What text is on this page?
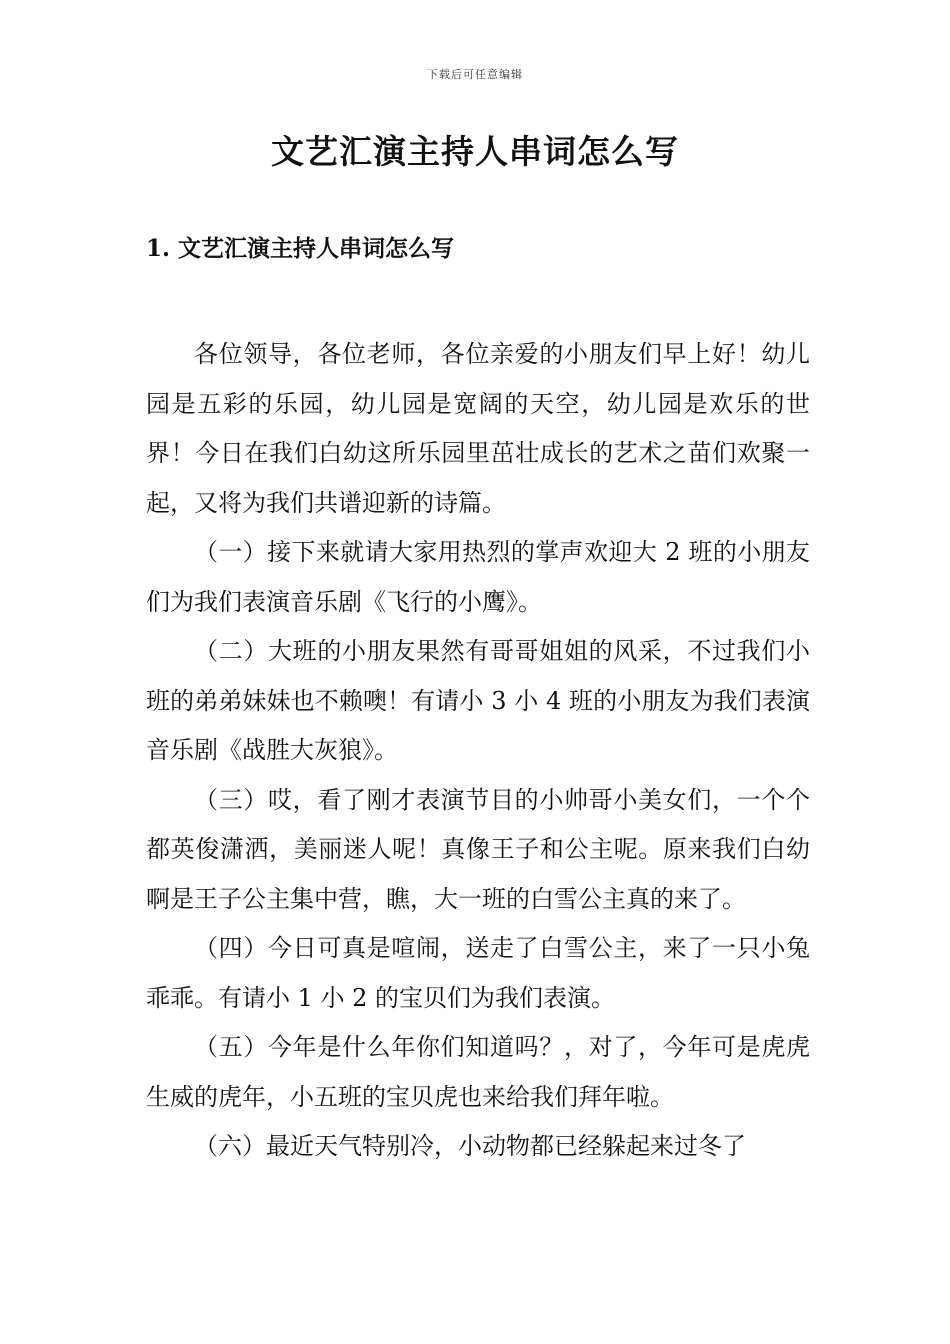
下载后可任意编辑
文艺汇演主持人串词怎么写
1. 文艺汇演主持人串词怎么写

各位领导，各位老师，各位亲爱的小朋友们早上好！幼儿园是五彩的乐园，幼儿园是宽阔的天空，幼儿园是欢乐的世界！今日在我们白幼这所乐园里茁壮成长的艺术之苗们欢聚一起，又将为我们共谱迎新的诗篇。

（一）接下来就请大家用热烈的掌声欢迎大 2 班的小朋友们为我们表演音乐剧《飞行的小鹰》。

（二）大班的小朋友果然有哥哥姐姐的风采，不过我们小班的弟弟妹妹也不赖噢！有请小 3 小 4 班的小朋友为我们表演音乐剧《战胜大灰狼》。

（三）哎，看了刚才表演节目的小帅哥小美女们，一个个都英俊潇洒，美丽迷人呢！真像王子和公主呢。原来我们白幼啊是王子公主集中营，瞧，大一班的白雪公主真的来了。

（四）今日可真是喧闹，送走了白雪公主，来了一只小兔乖乖。有请小 1 小 2 的宝贝们为我们表演。

（五）今年是什么年你们知道吗？，对了，今年可是虎虎生威的虎年，小五班的宝贝虎也来给我们拜年啦。

（六）最近天气特别冷，小动物都已经躲起来过冬了
